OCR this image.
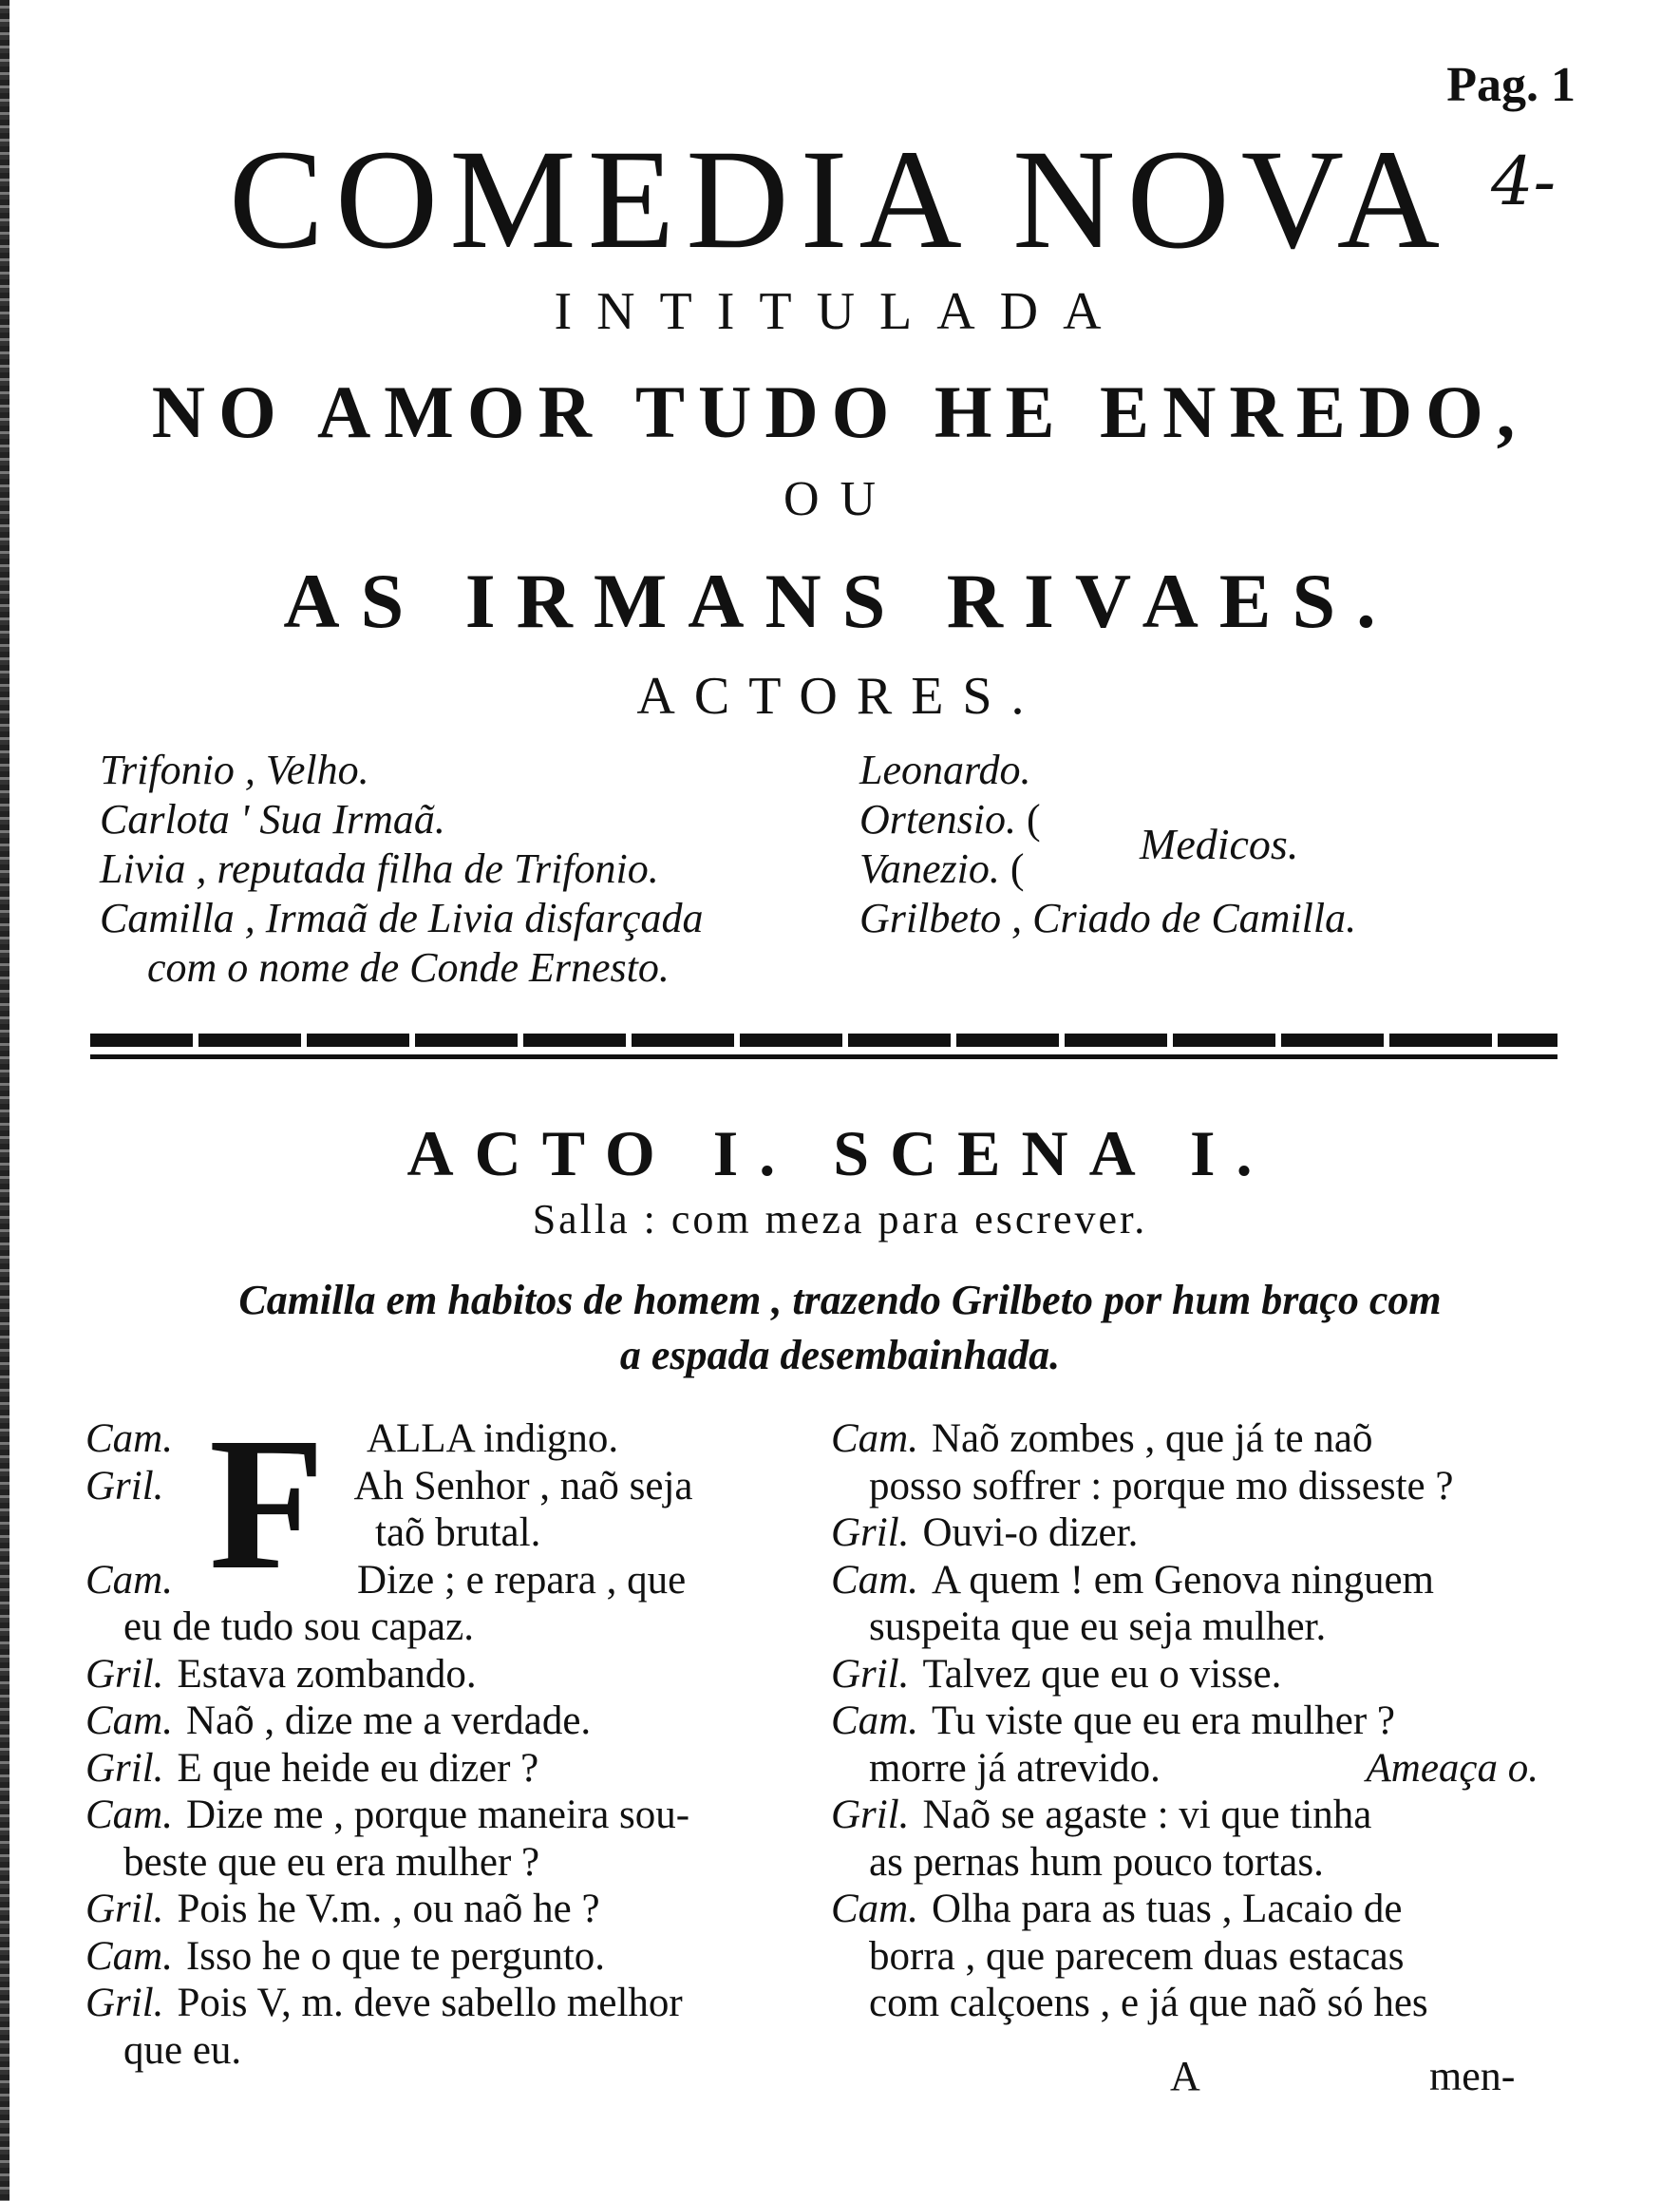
Pag. 1
4-
COMEDIA NOVA
INTITULADA
NO AMOR TUDO HE ENREDO,
OU
AS IRMANS RIVAES.
ACTORES.
Trifonio , Velho.
Carlota ' Sua Irmaã.
Livia , reputada filha de Trifonio.
Camilla , Irmaã de Livia disfarçada
com o nome de Conde Ernesto.
Leonardo.
Ortensio. (
Vanezio. (
Grilbeto , Criado de Camilla.
Medicos.
ACTO I. SCENA I.
Salla : com meza para escrever.
Camilla em habitos de homem , trazendo Grilbeto por hum braço com
a espada desembainhada.
F
Cam.	ALLA indigno.
Gril.	Ah Senhor , naõ seja
taõ brutal.
Cam.	Dize ; e repara , que
eu de tudo sou capaz.
Gril. Estava zombando.
Cam. Naõ , dize me a verdade.
Gril. E que heide eu dizer ?
Cam. Dize me , porque maneira sou-
beste que eu era mulher ?
Gril. Pois he V.m. , ou naõ he ?
Cam. Isso he o que te pergunto.
Gril. Pois V, m. deve sabello melhor
que eu.
Cam. Naõ zombes , que já te naõ
posso soffrer : porque mo disseste ?
Gril. Ouvi-o dizer.
Cam. A quem ! em Genova ninguem
suspeita que eu seja mulher.
Gril. Talvez que eu o visse.
Cam. Tu viste que eu era mulher ?
morre já atrevido.	Ameaça o.
Gril. Naõ se agaste : vi que tinha
as pernas hum pouco tortas.
Cam. Olha para as tuas , Lacaio de
borra , que parecem duas estacas
com calçoens , e já que naõ só hes
A	men-
